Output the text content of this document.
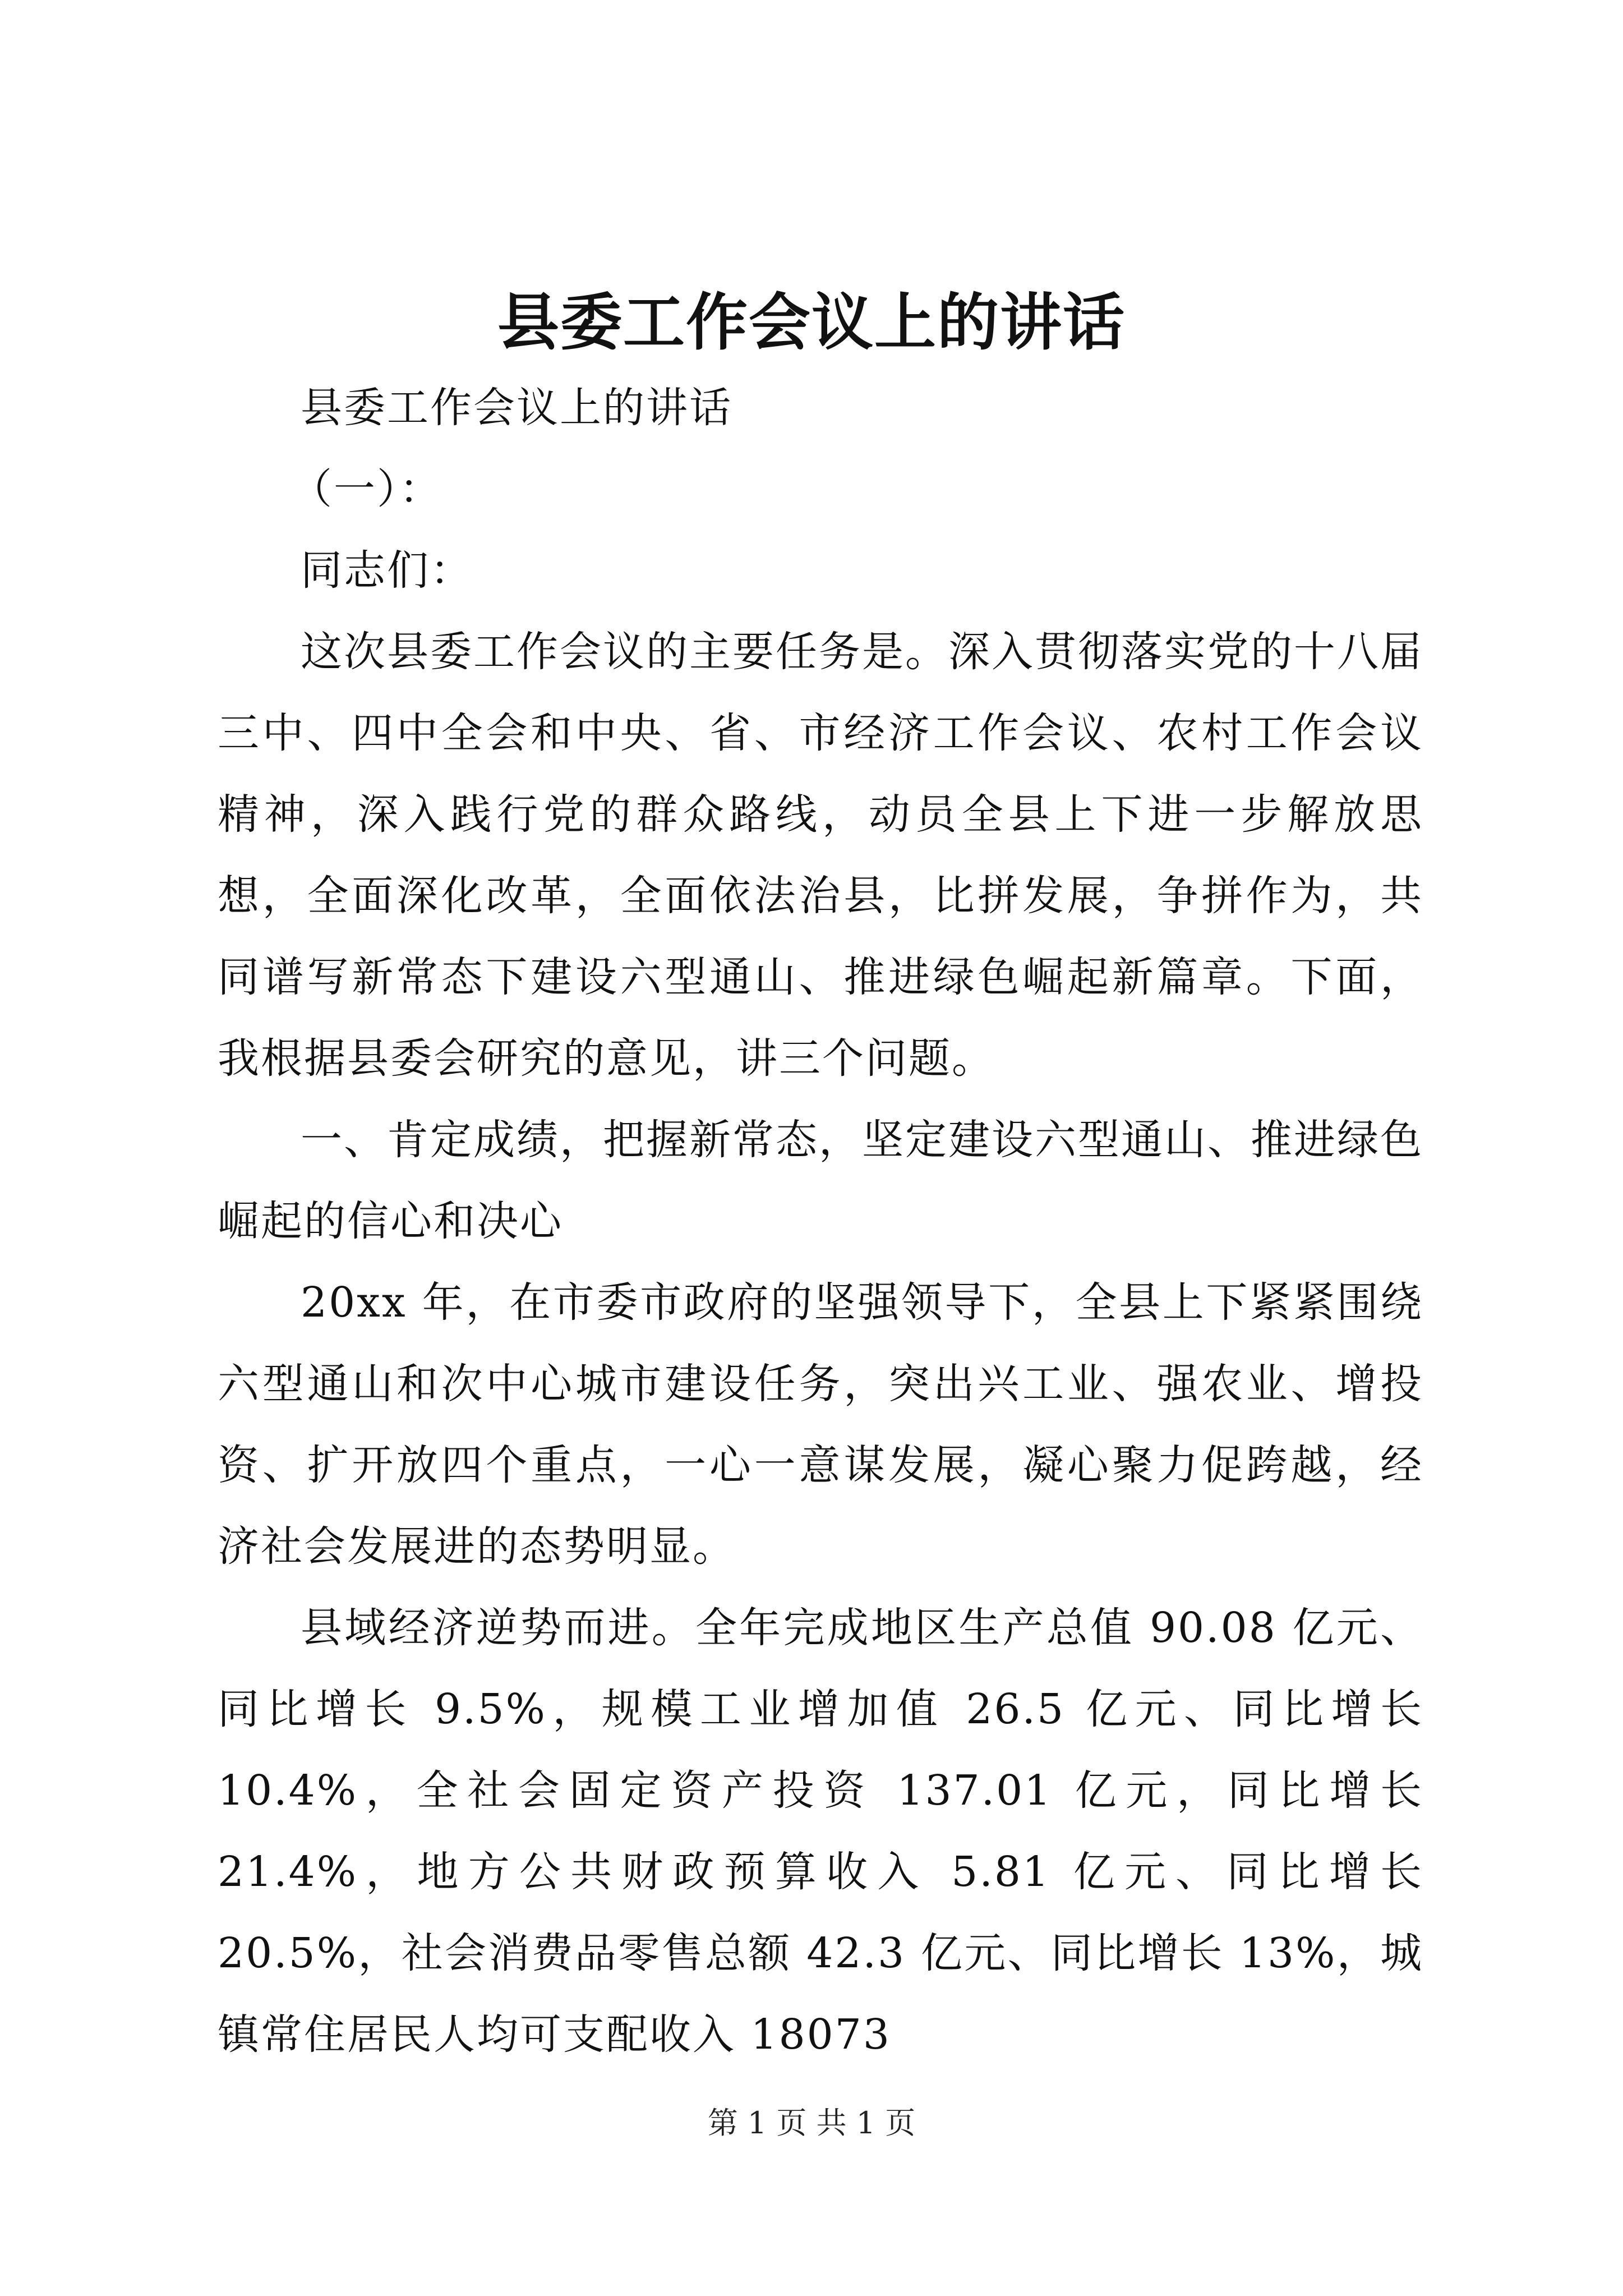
县委工作会议上的讲话

县委工作会议上的讲话

（一）：

同志们：

这次县委工作会议的主要任务是。深入贯彻落实党的十八届三中、四中全会和中央、省、市经济工作会议、农村工作会议精神，深入践行党的群众路线，动员全县上下进一步解放思想，全面深化改革，全面依法治县，比拼发展，争拼作为，共同谱写新常态下建设六型通山、推进绿色崛起新篇章。下面，我根据县委会研究的意见，讲三个问题。

一、肯定成绩，把握新常态，坚定建设六型通山、推进绿色崛起的信心和决心

20xx 年，在市委市政府的坚强领导下，全县上下紧紧围绕六型通山和次中心城市建设任务，突出兴工业、强农业、增投资、扩开放四个重点，一心一意谋发展，凝心聚力促跨越，经济社会发展进的态势明显。

县域经济逆势而进。全年完成地区生产总值 90.08 亿元、同比增长 9.5%，规模工业增加值 26.5 亿元、同比增长 10.4%，全社会固定资产投资 137.01 亿元，同比增长 21.4%，地方公共财政预算收入 5.81 亿元、同比增长 20.5%，社会消费品零售总额 42.3 亿元、同比增长 13%，城镇常住居民人均可支配收入 18073

第 1 页 共 1 页
